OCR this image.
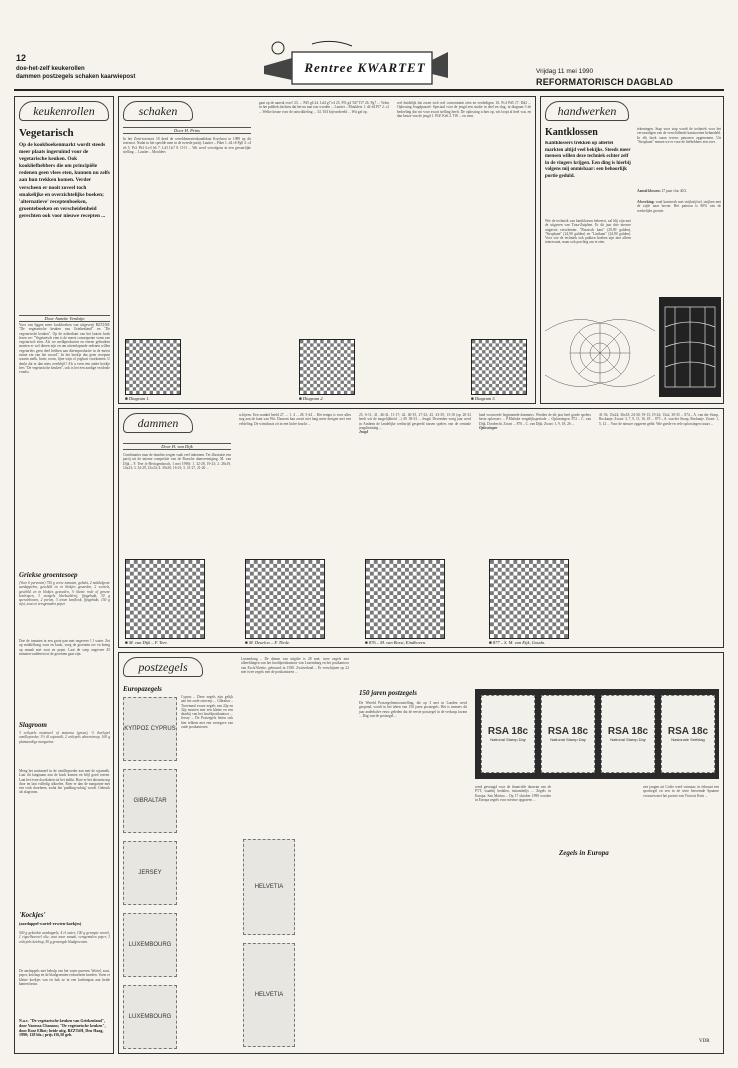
12
doe-het-zelf keukerollen
dammen postzegels schaken kaarwiepost
Rentree KWARTET	Vrijdag 11 mei 1990
REFORMATORISCH DAGBLAD
keukenrollen
Vegetarisch
Op de kookboekenmarkt wordt steeds meer plaats ingeruimd voor de vegetarische keuken. Ook kookliefhebbers die om principiële redenen geen vlees eten, kunnen nu zelfs aan hun trekken komen. Verder verscheen er nooit zoveel toch smakelijke en overzichtelijke boeken; 'alternatieve' receptenboeken, groenteboeken en verscheidenheid gerechten ook voor nieuwe recepten ...
Door Anneke Verduijn
Voor van liggen meer kookboeken van uitgeverij BZZTôH: "De vegetarische keuken van Griekenland" en "De vegetarische keuken". Op de achterkant van het laatste boek lezen we: "Vegetarisch eten is de meest consequente vorm van vegetarisch eten. Als we melkproducten en eieren gebruiken moeten er wel dieren zijn en om uiteenlopende redenen willen vegetariërs geen deel hebben aan dierenproductie in de meest ruime zin van het woord". In het boekje dus geen recepten waarin melk, boter, room, fijne wijn of yoghurt voorkomen. U denkt dat er dan niets overblijft? Als u even een ander boekje lees "De vegetarische keuken", ook is het een aardige en ideale vondst.
Griekse groentesoep
(Voor 6 personen) 750 g verse tomaten, gehakt, 2 middelgrote aardappelen, geschild en in blokjes gesneden, 2 wortels, geschild en in blokjes gesneden, ½ kleine rode of groene koolrapen, 3 stengels bleekselderij, fijngehakt, 30 g sperziebonen, 2 preien, 3 tenen knoflook, fijngehakt, 150 g rijst, zout en versgemalen peper.
Doe de tomaten in een grote pan met ongeveer 1 l water. Zet op middelhoog vuur en kook, voeg de groenten toe en breng op smaak met zout en peper. Laat de soep ongeveer 45 minuten sudderen tot de groenten gaar zijn.
Slagroom
3 eetlepels maïsmeel of maïzena (groen), ½ theelepel vanillepoeder, 3½ dl sojamelk, 2 eetlepels ahornsiroop, 100 g plantaardige margarine.
Meng het maïsmeel in de vanillepoeder aan met de sojamelk. Laat dit langzaam aan de kook komen en blijf goed roeren. Laat het even doorkoken tot het indikt. Roer er het ahornsiroop door en laat volledig afkoelen. Roer er dan de margarine met een vork doorheen, zodat het 'pudding-achtig' wordt. Gebruik als slagroom.
'Kockjes'
(aardappel-wortel-erwten-koekjes)
500 g gekookte aardappels, 4 el water, 100 g geraspte wortel, 1 eigeelhoeveel olie, zout naar smaak, versgemalen peper, 3 eetlepels ketchup, 50 g gemengde bladgroenten.
De aardappels met behulp van het water pureren. Wortel, zout, peper, ketchup en de bladgroenten erdoorheen kneden. Vorm er kleine koekjes van en bak ze in een koekenpan aan beide kanten bruin.
N.a.v. "De vegetarische keuken van Griekenland", door Vanessa Chanson; "De vegetarische keuken", door Rose Elliot; beide uitg. BZZTôH, Den Haag, 1990; 128 blz.; prijs f16,50 geb.
schaken
Door H. Prins
In het Zeist-toernooi 18 deed de wereldmeesterskandidaat Korchnoi in 1989 op dit toernooi. Nadat in het speelde men in de tweede partij: Lautier – Piket 1. d4 c6 Pg8 4. c4 e6 5. Pc3 Pb1 6.e3 b6 7. Ld3 Lb7 8. O-O ... Wit werd vervolgens in een gevaarlijke stelling ... Lautier – Moulders
gaat op de aanval over! 23. ... Pd5 g6 24. Ld4 g7 e4 25. Pf3 g4 Td7 Tf7 26. Pg7 ... Velen in het publiek dachten dat het nu mat zou worden ... Lautier – Moulders 1. d2-d4 Pf7 2. c2 ... Welke keuze voor de ontwikkeling ... 34. Td3 bijvoorbeeld ... Wit gaf op.
wel duidelijk dat zwart toch wel concentratie zien en verdedigen. 16. Pc4 Pd5 17. Dd2 ... Oplossing Jeugdpuzzel: Speciaal voor de jeugd een studie in deel en slag, in diagram 3 de bedoeling dat wit voor zwart stelling heeft. De oplossing schiet op, wit loopt al heel wat, en dan keuze van de jeugd 1. Pf4! Ke6 2. Tf8 ... en wint.
■ Diagram 1.	■ Diagram 2.	■ Diagram 3.
handwerken
Kantklossen
Kantklossers trekken op allerlei markten altijd veel bekijks. Steeds meer mensen willen deze techniek echter zelf in de vingers krijgen. Een ding is hierbij volgens mij onmisbaar: een behoorlijk portie geduld.
Wie de techniek van kantklossen beheerst, zal blij zijn met de uitgaven van Tirza-Zutphen. Er dit jaar drie nieuwe uitgaven verschenen: "Russisch kant" (29,90 gulden), "Stropkant" (24,90 gulden) en "Lintkant" (24,90 gulden). Voor wie de techniek ook pakken boeken zijn niet alleen interessant, maar ook prachtig om te zien.
tekeningen. Stap voor stap wordt de techniek voor het vervaardigen van de verschillende kantsoorten behandeld. In elk boek staan tevens patronen opgenomen. Uit "Stropkant" nemen we er voor de liefhebbers een over.
Aantal klossen: 27 paar vlas 40/2.
Afwerking: rond kantwerk met strijkstijfsel, strijken met de zijde naar boven. Het patroon is 80% van de werkelijke grootte.
dammen
Door H. van Dijk
Combinaties naar de damlim vergen vaak veel inkennen. Ter illustratie een partij uit de interne competitie van de Bossche damvereniging. M. van Dijk – F. Teer (s-Hertogenbosch, 1 mei 1990): 1. 32-28, 19-23; 2. 28x19, 14x23; 3. 34-29, 23x34; 4. 39x30, 16-21; 5. 31-27, 21-26 ...
schijven. Een wankel beeld 27. ... 1. 4 ... 28. 5-44 ... Het tempo is voor alles nog aan de kant van Wit. Daarom kan zwart niet lang meer dreigen met een veldeling. De winstbasis zit in een halve kracht ...
25, 6-11; 41, 46-41, 11-17; 42. 40-35, 27-32; 43. 43-39, 13-18 (op 20-32 heeft wit de mogelijkheid ...) 49. 38-33 ... Jeugd. December vorig jaar werd in Arnhem de landelijke wedstrijd gespeeld tussen spelers van de centrale jeugdtraining ...
Jeugd
land voorwerde beginnende dammers. Worden de dit jaar heel goede spelers beste oplossers ... P.Maliske vergelijksperiode ... Oplossingen. 872 – C. van Dijk, Dordrecht. Zwart ... 876 – C. van Dijk. Zwart: 1, 9, 18, 26 ...
Oplossingen
41-36, 15x24; 36x18, 24-30; 19-13, 19-24; 13x2, 30-35 ... 874 – A. van der Stoop, Rockanje. Zwart: 3, 7, 9, 11, 16, 18 ... 875 – A. van der Stoop, Rockanje. Zwart: 1, 5, 12 ... Voor de nieuwe opgaven geldt: Wie goede en vele oplossingen stuurt ...
■ M. van Dijk – F. Teer.	■ M. Deurloo – F. Thole.	■ 876 – M. van Borsi, Eindhoven.	■ 877 – S. M. van Eijk, Gouda.
postzegels
Europazegels
Cyprus – Deze zegels zijn gelijk aan het oude ontwerp ... Gibraltar – Tweemaal zware zegels van 22p en 32p mooien met een kleine en een daarbij van het hoofdpostkantoor ... Jersey – De Postzegels letten ook hier telkens met een weergave van oude postkantoren.
ΚΥΠΡΟΣ CYPRUS
GIBRALTAR
JERSEY
LUXEMBOURG
LUXEMBOURG
Luxemburg – De datum van uitgifte is 28 mei; twee zegels met afbeeldingen van het hoofdpostkantoor van Luxemburg en het postkantoor van Esch/Alzette, gebouwd in 1930. Zwitserland – Er verschijnen op 22 mei twee zegels met de postkantoren ...
HELVETIA
HELVETIA
150 jaren postzegels
De Wereld Postzegeltentoonstelling, die op 3 mei in Londen werd geopend, wordt in het teken van 150 jaren postzegels. Het is immers dit jaar anderhalve eeuw geleden dat de eerste postzegel in de verkoop kwam ... Dag van de postzegel ...
RSA 18c
National Stamp Day
RSA 18c
National Stamp Day
RSA 18c
National Stamp Day
RSA 18c
Nasionale Seëldag
werd gevraagd voor de financiële daarvan van de PTT, waarbij bedalen, instantiefijs ... Zegels in Europa. San Marino – Op 17 oktober 1990 worden in Europa zegels voor nieuwe opgraven ...
Zegels in Europa
een jongen uit Codie werd winnaar; in februari een sporttegel en een in de serie beroemde Spaanse vrouwen met het portret van Victoria Kent ...
VDR
